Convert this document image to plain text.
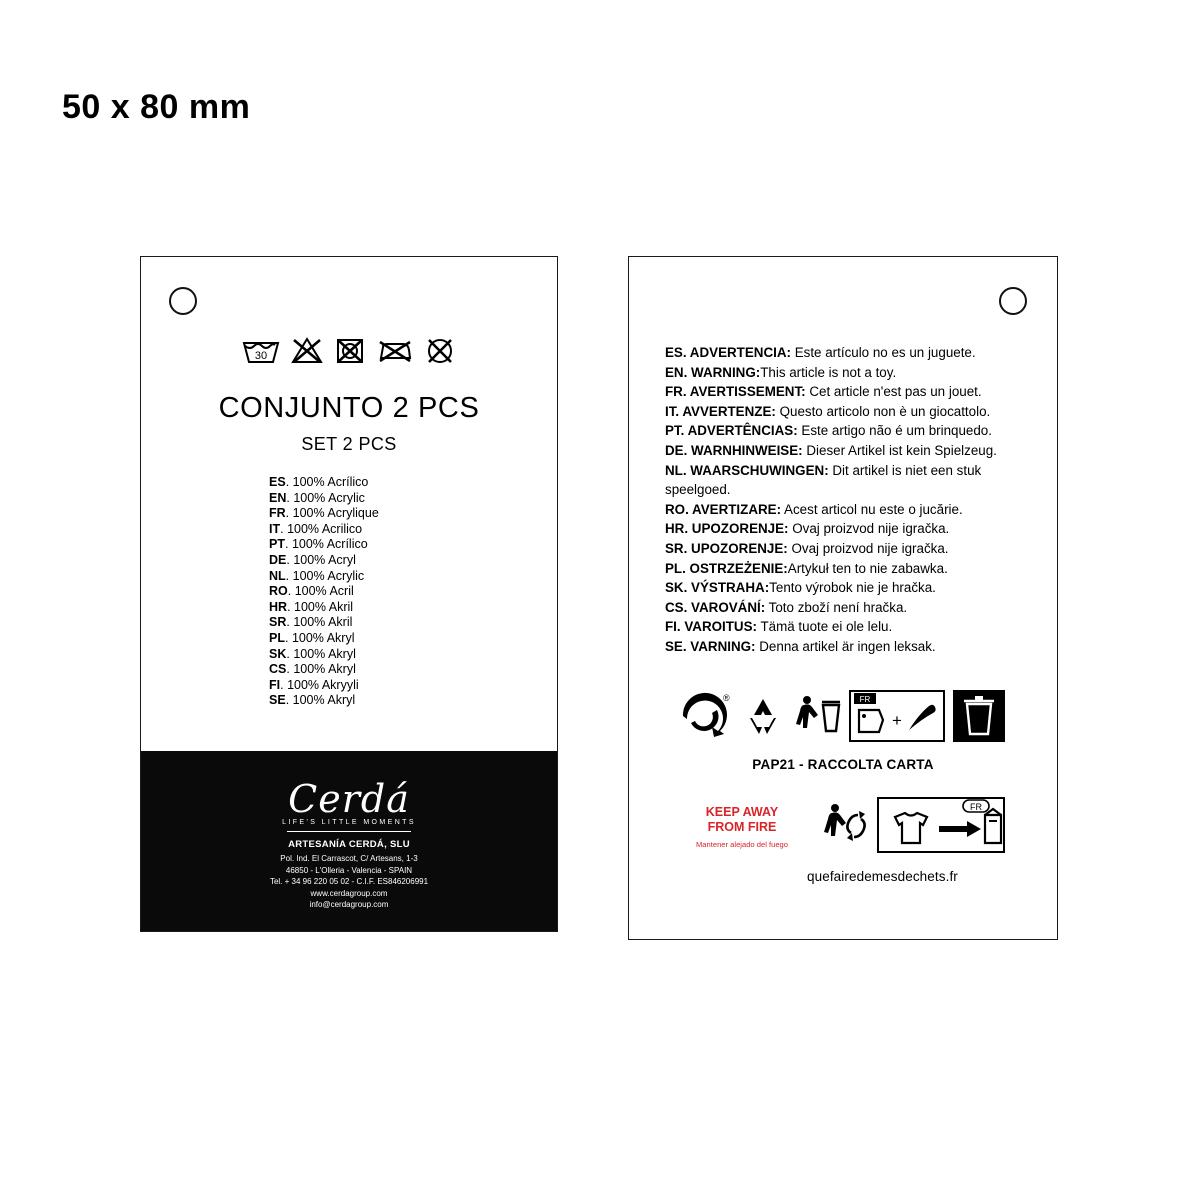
50 x 80 mm
30
CONJUNTO 2 PCS
SET 2 PCS
ES. 100% Acrílico
EN. 100% Acrylic
FR. 100% Acrylique
IT. 100% Acrilico
PT. 100% Acrílico
DE. 100% Acryl
NL. 100% Acrylic
RO. 100% Acril
HR. 100% Akril
SR. 100% Akril
PL. 100% Akryl
SK. 100% Akryl
CS. 100% Akryl
FI. 100% Akryyli
SE. 100% Akryl
Cerdá
LIFE'S LITTLE MOMENTS
ARTESANÍA CERDÁ, SLU
Pol. Ind. El Carrascot, C/ Artesans, 1-3
46850 - L'Olleria - Valencia - SPAIN
Tel. + 34 96 220 05 02 - C.I.F. ES846206991
www.cerdagroup.com
info@cerdagroup.com
ES. ADVERTENCIA: Este artículo no es un juguete.
EN. WARNING:This article is not a toy.
FR. AVERTISSEMENT: Cet article n'est pas un jouet.
IT. AVVERTENZE: Questo articolo non è un giocattolo.
PT. ADVERTÊNCIAS: Este artigo não é um brinquedo.
DE. WARNHINWEISE: Dieser Artikel ist kein Spielzeug.
NL. WAARSCHUWINGEN: Dit artikel is niet een stuk speelgoed.
RO. AVERTIZARE: Acest articol nu este o jucărie.
HR. UPOZORENJE: Ovaj proizvod nije igračka.
SR. UPOZORENJE: Ovaj proizvod nije igračka.
PL. OSTRZEŻENIE:Artykuł ten to nie zabawka.
SK. VÝSTRAHA:Tento výrobok nie je hračka.
CS. VAROVÁNÍ: Toto zboží není hračka.
FI. VAROITUS: Tämä tuote ei ole lelu.
SE. VARNING: Denna artikel är ingen leksak.
®	FR
+
PAP21 - RACCOLTA CARTA
KEEP AWAY
FROM FIRE
Mantener alejado del fuego
FR
quefairedemesdechets.fr
